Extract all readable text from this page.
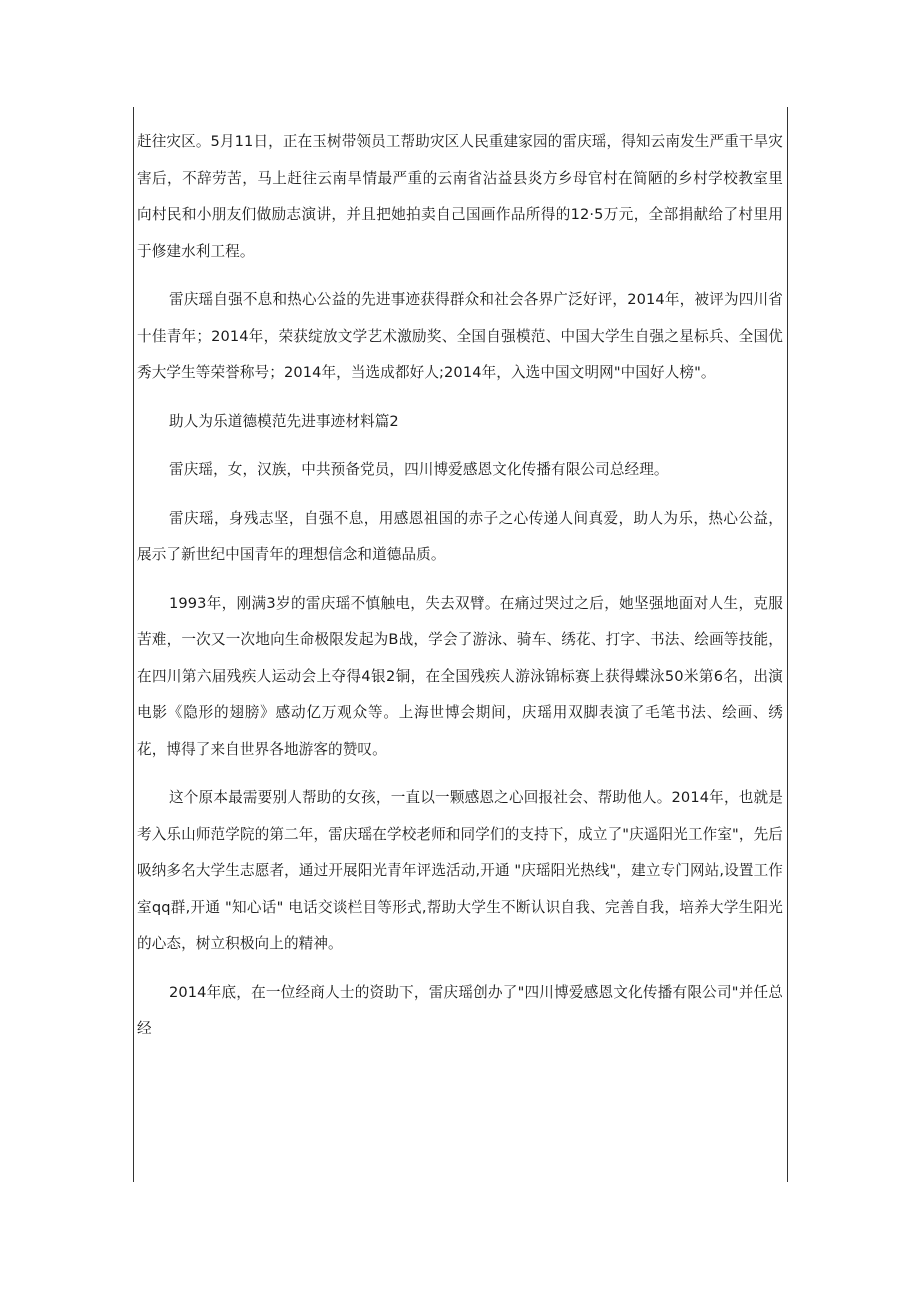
赶往灾区。5月11日，正在玉树带领员工帮助灾区人民重建家园的雷庆瑶，得知云南发生严重干旱灾害后，不辞劳苦，马上赶往云南旱情最严重的云南省沾益县炎方乡母官村在简陋的乡村学校教室里向村民和小朋友们做励志演讲，并且把她拍卖自己国画作品所得的12·5万元，全部捐献给了村里用于修建水利工程。

雷庆瑶自强不息和热心公益的先进事迹获得群众和社会各界广泛好评，2014年，被评为四川省十佳青年；2014年，荣获绽放文学艺术激励奖、全国自强模范、中国大学生自强之星标兵、全国优秀大学生等荣誉称号；2014年，当选成都好人;2014年，入选中国文明网"中国好人榜"。

助人为乐道德模范先进事迹材料篇2

雷庆瑶，女，汉族，中共预备党员，四川博爱感恩文化传播有限公司总经理。

雷庆瑶，身残志坚，自强不息，用感恩祖国的赤子之心传递人间真爱，助人为乐，热心公益，展示了新世纪中国青年的理想信念和道德品质。

1993年，刚满3岁的雷庆瑶不慎触电，失去双臂。在痛过哭过之后，她坚强地面对人生，克服苦难，一次又一次地向生命极限发起为B战，学会了游泳、骑车、绣花、打字、书法、绘画等技能，在四川第六届残疾人运动会上夺得4银2铜，在全国残疾人游泳锦标赛上获得蝶泳50米第6名，出演电影《隐形的翅膀》感动亿万观众等。上海世博会期间，庆瑶用双脚表演了毛笔书法、绘画、绣花，博得了来自世界各地游客的赞叹。

这个原本最需要别人帮助的女孩，一直以一颗感恩之心回报社会、帮助他人。2014年，也就是考入乐山师范学院的第二年，雷庆瑶在学校老师和同学们的支持下，成立了"庆遥阳光工作室"，先后吸纳多名大学生志愿者，通过开展阳光青年评选活动,开通 "庆瑶阳光热线"，建立专门网站,设置工作室qq群,开通 "知心话" 电话交谈栏目等形式,帮助大学生不断认识自我、完善自我，培养大学生阳光的心态，树立积极向上的精神。

2014年底，在一位经商人士的资助下，雷庆瑶创办了"四川博爱感恩文化传播有限公司"并任总经
